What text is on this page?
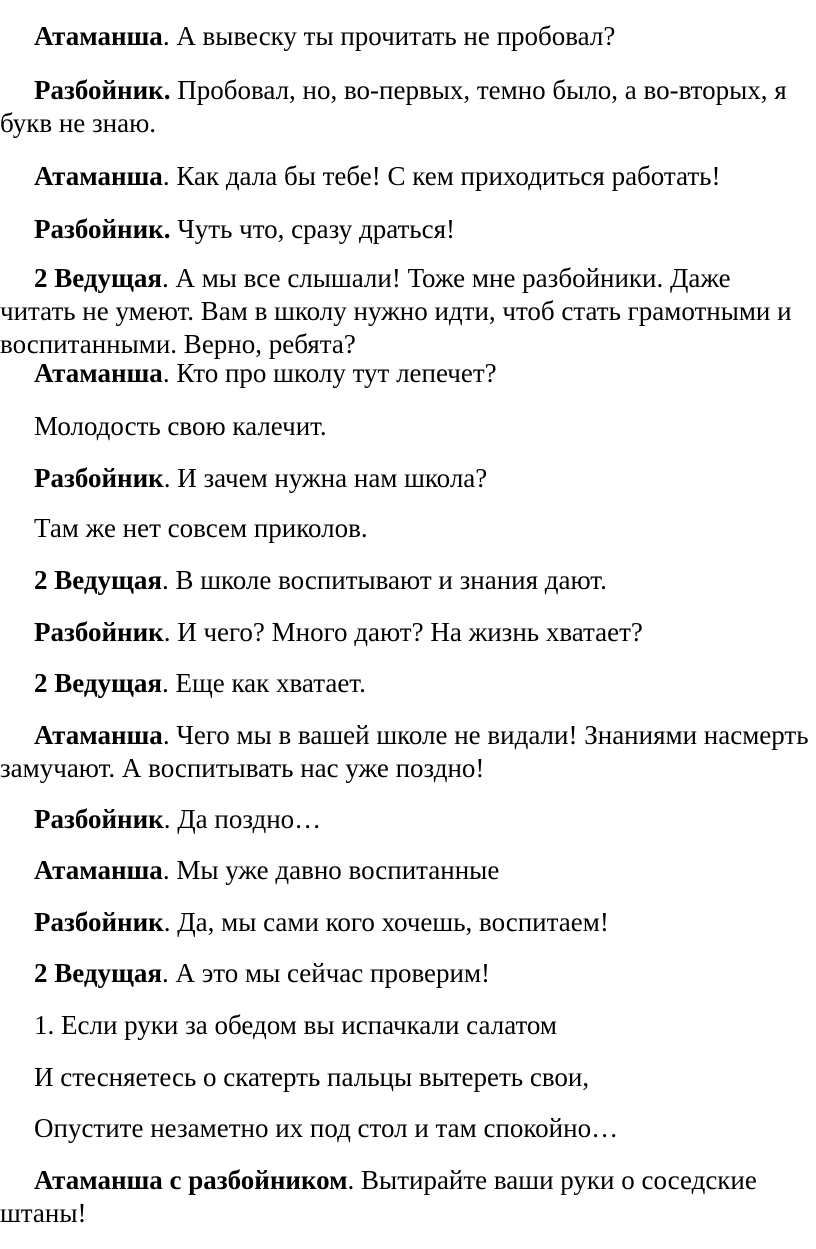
Атаманша. А вывеску ты прочитать не пробовал?

Разбойник. Пробовал, но, во-первых, темно было, а во-вторых, я букв не знаю.

Атаманша. Как дала бы тебе! С кем приходиться работать!

Разбойник. Чуть что, сразу драться!

2 Ведущая. А мы все слышали! Тоже мне разбойники. Даже читать не умеют. Вам в школу нужно идти, чтоб стать грамотными и воспитанными. Верно, ребята?

Атаманша. Кто про школу тут лепечет?

Молодость свою калечит.

Разбойник. И зачем нужна нам школа?

Там же нет совсем приколов.

2 Ведущая. В школе воспитывают и знания дают.

Разбойник. И чего? Много дают? На жизнь хватает?

2 Ведущая. Еще как хватает.

Атаманша. Чего мы в вашей школе не видали! Знаниями насмерть замучают. А воспитывать нас уже поздно!

Разбойник. Да поздно…

Атаманша. Мы уже давно воспитанные

Разбойник. Да, мы сами кого хочешь, воспитаем!

2 Ведущая. А это мы сейчас проверим!

1. Если руки за обедом вы испачкали салатом

И стесняетесь о скатерть пальцы вытереть свои,

Опустите незаметно их под стол и там спокойно…

Атаманша с разбойником. Вытирайте ваши руки о соседские штаны!
